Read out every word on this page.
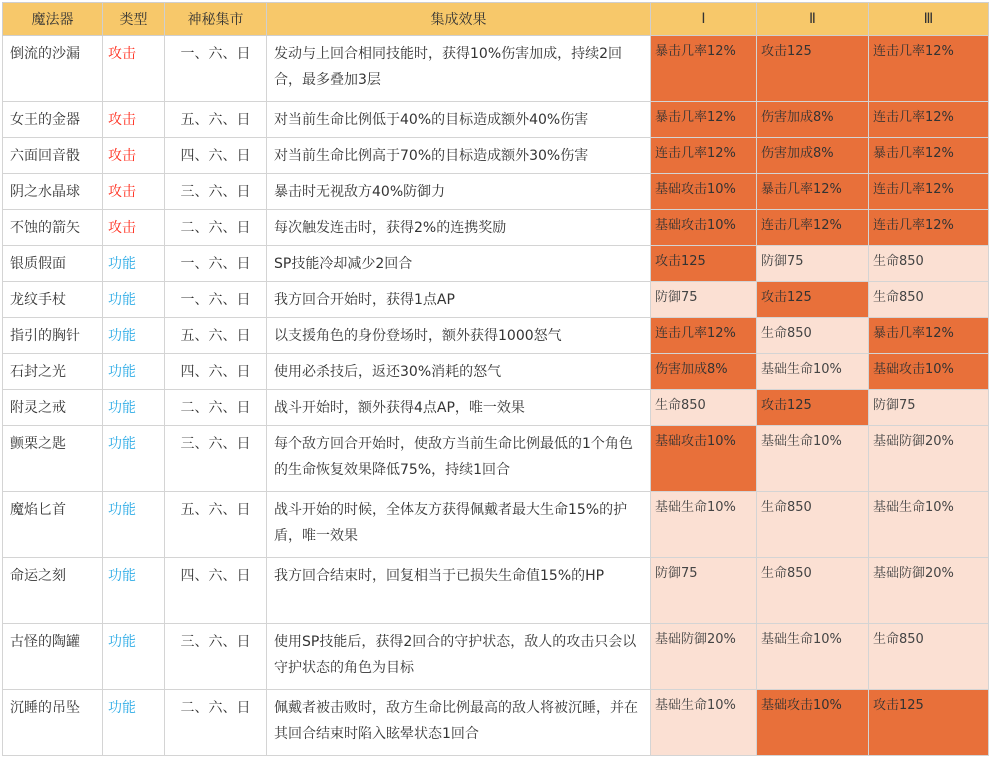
魔法器	类型	神秘集市	集成效果	Ⅰ	Ⅱ	Ⅲ
倒流的沙漏	攻击	一、六、日	发动与上回合相同技能时，获得10%伤害加成，持续2回合，最多叠加3层	暴击几率12%	攻击125	连击几率12%
女王的金器	攻击	五、六、日	对当前生命比例低于40%的目标造成额外40%伤害	暴击几率12%	伤害加成8%	连击几率12%
六面回音骰	攻击	四、六、日	对当前生命比例高于70%的目标造成额外30%伤害	连击几率12%	伤害加成8%	暴击几率12%
阴之水晶球	攻击	三、六、日	暴击时无视敌方40%防御力	基础攻击10%	暴击几率12%	连击几率12%
不蚀的箭矢	攻击	二、六、日	每次触发连击时，获得2%的连携奖励	基础攻击10%	连击几率12%	连击几率12%
银质假面	功能	一、六、日	SP技能冷却减少2回合	攻击125	防御75	生命850
龙纹手杖	功能	一、六、日	我方回合开始时，获得1点AP	防御75	攻击125	生命850
指引的胸针	功能	五、六、日	以支援角色的身份登场时，额外获得1000怒气	连击几率12%	生命850	暴击几率12%
石封之光	功能	四、六、日	使用必杀技后，返还30%消耗的怒气	伤害加成8%	基础生命10%	基础攻击10%
附灵之戒	功能	二、六、日	战斗开始时，额外获得4点AP，唯一效果	生命850	攻击125	防御75
颤栗之匙	功能	三、六、日	每个敌方回合开始时，使敌方当前生命比例最低的1个角色的生命恢复效果降低75%，持续1回合	基础攻击10%	基础生命10%	基础防御20%
魔焰匕首	功能	五、六、日	战斗开始的时候，全体友方获得佩戴者最大生命15%的护盾，唯一效果	基础生命10%	生命850	基础生命10%
命运之刻	功能	四、六、日	我方回合结束时，回复相当于已损失生命值15%的HP	防御75	生命850	基础防御20%
古怪的陶罐	功能	三、六、日	使用SP技能后，获得2回合的守护状态，敌人的攻击只会以守护状态的角色为目标	基础防御20%	基础生命10%	生命850
沉睡的吊坠	功能	二、六、日	佩戴者被击败时，敌方生命比例最高的敌人将被沉睡，并在其回合结束时陷入眩晕状态1回合	基础生命10%	基础攻击10%	攻击125
